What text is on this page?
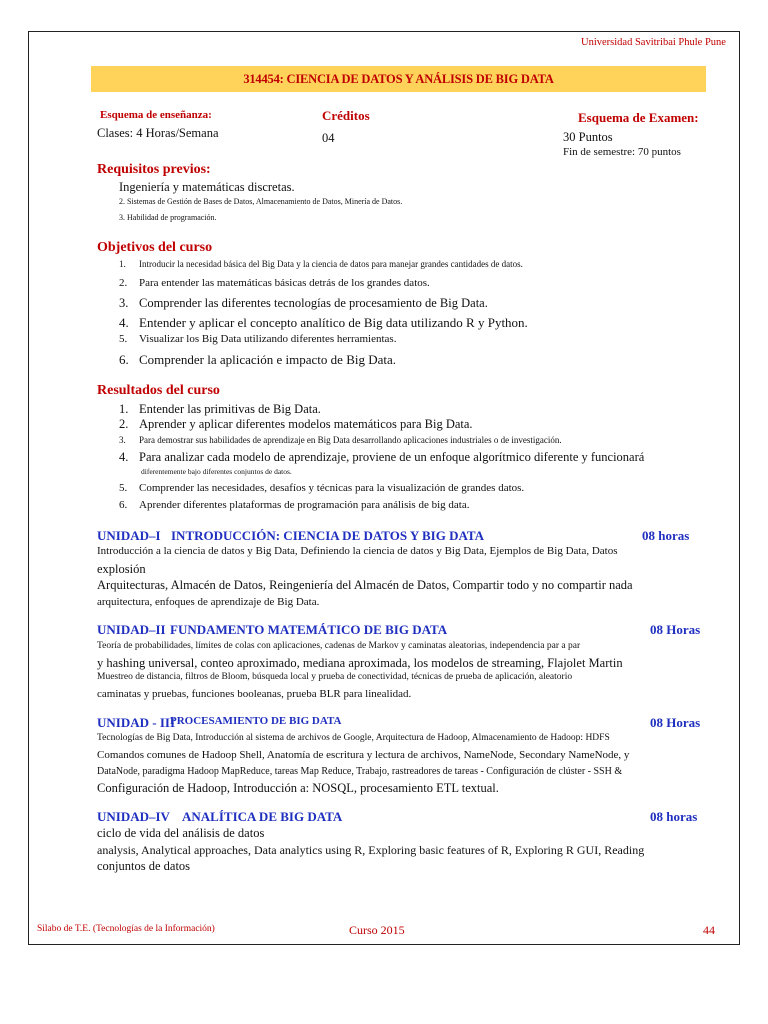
Universidad Savitribai Phule Pune
314454: CIENCIA DE DATOS Y ANÁLISIS DE BIG DATA
Esquema de enseñanza:
Clases: 4 Horas/Semana
Créditos
04
Esquema de Examen:
30 Puntos
Fin de semestre: 70 puntos
Requisitos previos:
Ingeniería y matemáticas discretas.
2. Sistemas de Gestión de Bases de Datos, Almacenamiento de Datos, Minería de Datos.
3. Habilidad de programación.
Objetivos del curso
1. Introducir la necesidad básica del Big Data y la ciencia de datos para manejar grandes cantidades de datos.
2. Para entender las matemáticas básicas detrás de los grandes datos.
3. Comprender las diferentes tecnologías de procesamiento de Big Data.
4. Entender y aplicar el concepto analítico de Big data utilizando R y Python.
5. Visualizar los Big Data utilizando diferentes herramientas.
6. Comprender la aplicación e impacto de Big Data.
Resultados del curso
1. Entender las primitivas de Big Data.
2. Aprender y aplicar diferentes modelos matemáticos para Big Data.
3. Para demostrar sus habilidades de aprendizaje en Big Data desarrollando aplicaciones industriales o de investigación.
4. Para analizar cada modelo de aprendizaje, proviene de un enfoque algorítmico diferente y funcionará
diferentemente bajo diferentes conjuntos de datos.
5. Comprender las necesidades, desafíos y técnicas para la visualización de grandes datos.
6. Aprender diferentes plataformas de programación para análisis de big data.
UNIDAD–I INTRODUCCIÓN: CIENCIA DE DATOS Y BIG DATA	08 horas
Introducción a la ciencia de datos y Big Data, Definiendo la ciencia de datos y Big Data, Ejemplos de Big Data, Datos
explosión
Arquitecturas, Almacén de Datos, Reingeniería del Almacén de Datos, Compartir todo y no compartir nada
arquitectura, enfoques de aprendizaje de Big Data.
UNIDAD–II FUNDAMENTO MATEMÁTICO DE BIG DATA	08 Horas
Teoría de probabilidades, límites de colas con aplicaciones, cadenas de Markov y caminatas aleatorias, independencia par a par
y hashing universal, conteo aproximado, mediana aproximada, los modelos de streaming, Flajolet Martin
Muestreo de distancia, filtros de Bloom, búsqueda local y prueba de conectividad, técnicas de prueba de aplicación, aleatorio
caminatas y pruebas, funciones booleanas, prueba BLR para linealidad.
UNIDAD - III
PROCESAMIENTO DE BIG DATA	08 Horas
Tecnologías de Big Data, Introducción al sistema de archivos de Google, Arquitectura de Hadoop, Almacenamiento de Hadoop: HDFS
Comandos comunes de Hadoop Shell, Anatomía de escritura y lectura de archivos, NameNode, Secondary NameNode, y
DataNode, paradigma Hadoop MapReduce, tareas Map Reduce, Trabajo, rastreadores de tareas - Configuración de clúster - SSH &
Configuración de Hadoop, Introducción a: NOSQL, procesamiento ETL textual.
UNIDAD–IV ANALÍTICA DE BIG DATA	08 horas
ciclo de vida del análisis de datos
analysis, Analytical approaches, Data analytics using R, Exploring basic features of R, Exploring R GUI, Reading
conjuntos de datos
Silabo de T.E. (Tecnologías de la Información)	Curso 2015	44
